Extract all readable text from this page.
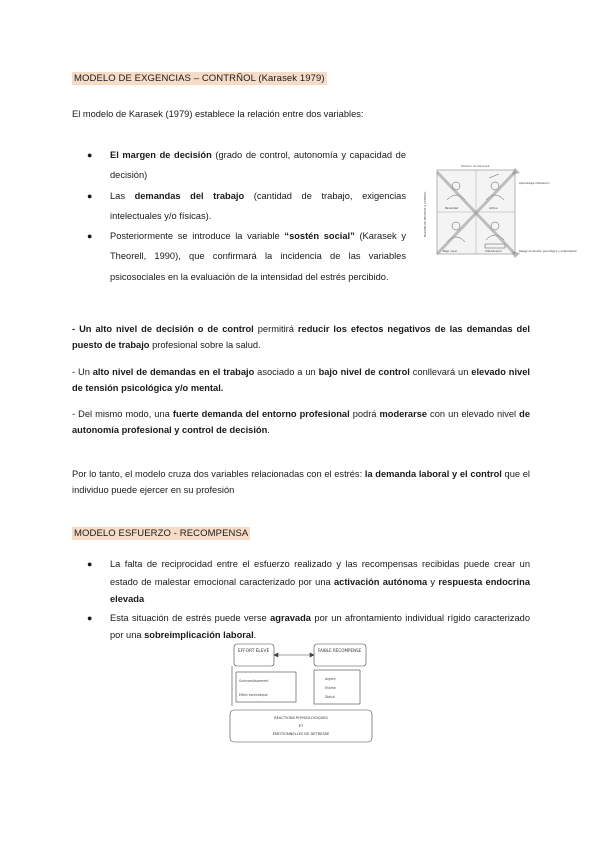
MODELO DE EXGENCIAS – CONTRÑOL (Karasek 1979)
El modelo de Karasek (1979) establece la relación entre dos variables:
● El margen de decisión (grado de control, autonomía y capacidad de decisión)
● Las demandas del trabajo (cantidad de trabajo, exigencias intelectuales y/o físicas).
● Posteriormente se introduce la variable “sostén social” (Karasek y Theorell, 1990), que confirmará la incidencia de las variables psicosociales en la evaluación de la intensidad del estrés percibido.
Modelo de Karasek
MARGEN DE DECISION O CONTROL	Pasividad	Activo
Bajo nivel	Alta tensión
Aprendizaje motivación
Riesgo de tensión psicológica y enfermedad
- Un alto nivel de decisión o de control permitirá reducir los efectos negativos de las demandas del puesto de trabajo profesional sobre la salud.
- Un alto nivel de demandas en el trabajo asociado a un bajo nivel de control conllevará un elevado nivel de tensión psicológica y/o mental.
- Del mismo modo, una fuerte demanda del entorno profesional podrá moderarse con un elevado nivel de autonomía profesional y control de decisión.
Por lo tanto, el modelo cruza dos variables relacionadas con el estrés: la demanda laboral y el control que el individuo puede ejercer en su profesión
MODELO ESFUERZO - RECOMPENSA
● La falta de reciprocidad entre el esfuerzo realizado y las recompensas recibidas puede crear un estado de malestar emocional caracterizado por una activación autónoma y respuesta endocrina elevada
● Esta situación de estrés puede verse agravada por un afrontamiento individual rígido caracterizado por una sobreimplicación laboral.
EFFORT ÉLEVÉ	FAIBLE RÉCOMPENSE
Surinvestissement
Effort extrinsèque
Argent
Estime
Statut
RÉACTIONS PHYSIOLOGIQUES
ET
ÉMOTIONNELLES DE DÉTRESSE
